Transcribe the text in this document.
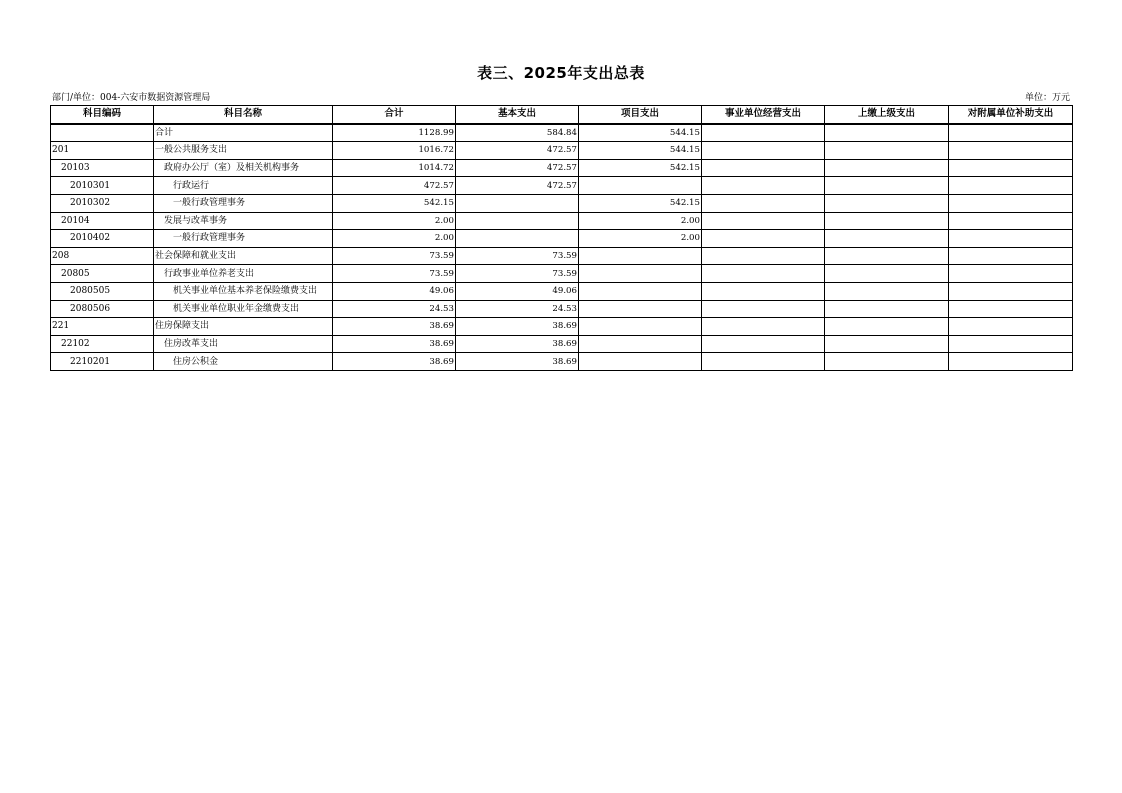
表三、2025年支出总表
部门/单位：004-六安市数据资源管理局	单位：万元
科目编码	科目名称	合计	基本支出	项目支出	事业单位经营支出	上缴上级支出	对附属单位补助支出
	合计	1128.99	584.84	544.15			
201	一般公共服务支出	1016.72	472.57	544.15			
20103	政府办公厅（室）及相关机构事务	1014.72	472.57	542.15			
2010301	行政运行	472.57	472.57				
2010302	一般行政管理事务	542.15		542.15			
20104	发展与改革事务	2.00		2.00			
2010402	一般行政管理事务	2.00		2.00			
208	社会保障和就业支出	73.59	73.59				
20805	行政事业单位养老支出	73.59	73.59				
2080505	机关事业单位基本养老保险缴费支出	49.06	49.06				
2080506	机关事业单位职业年金缴费支出	24.53	24.53				
221	住房保障支出	38.69	38.69				
22102	住房改革支出	38.69	38.69				
2210201	住房公积金	38.69	38.69				
